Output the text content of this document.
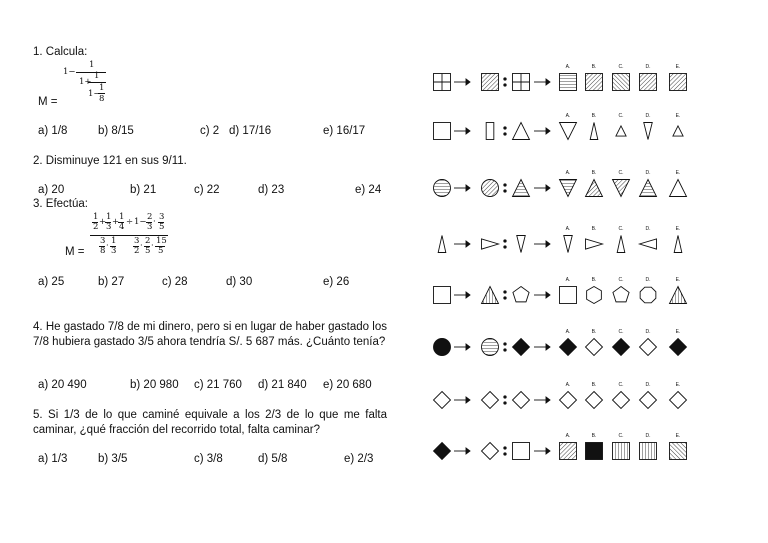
1. Calcula:
1−
1
1+
1
1−
1
8
M =
a) 1/8	b) 8/15	c) 2 d) 17/16	e) 16/17
2. Disminuye 121 en sus 9/11.
a) 20	b) 21	c) 22	d) 23	e) 24
3. Efectúa:
1
2 + 1
3 + 1
4 ÷ 1− 2
3 · 3
5
3
8 · 1
3
3
2 · 2
5 · 15
5
M =
a) 25	b) 27	c) 28	d) 30	e) 26
4. He gastado 7/8 de mi dinero, pero si en lugar de haber gastado los 7/8 hubiera gastado 3/5 ahora tendría S/. 5 687 más. ¿Cuánto tenía?
a) 20 490	b) 20 980 c) 21 760 d) 21 840 e) 20 680
5. Si 1/3 de lo que caminé equivale a los 2/3 de lo que me falta caminar, ¿qué fracción del recorrido total, falta caminar?
a) 1/3	b) 3/5	c) 3/8	d) 5/8	e) 2/3
A.	B.	C.	D.	E.
A.	B.	C.	D.	E.
A.	B.	C.	D.	E.
A.	B.	C.	D.	E.
A.	B.	C.	D.	E.
A.	B.	C.	D.	E.
A.	B.	C.	D.	E.
A.	B.	C.	D.	E.
